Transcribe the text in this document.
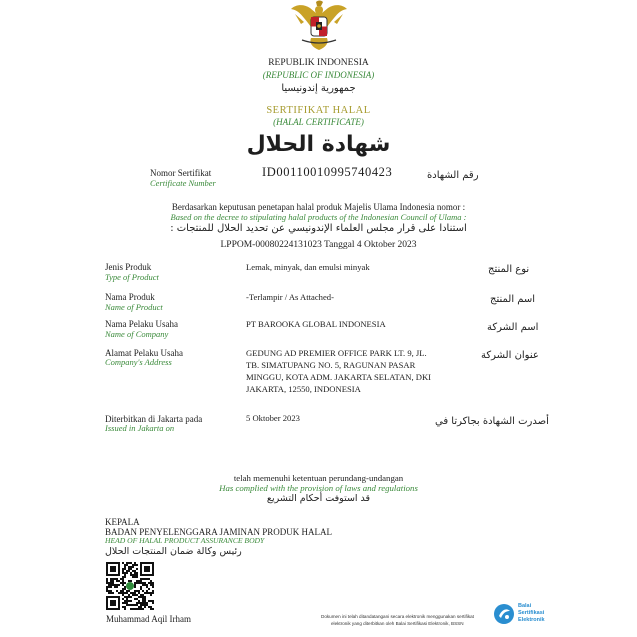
REPUBLIK INDONESIA
(REPUBLIC OF INDONESIA)
جمهورية إندونيسيا
SERTIFIKAT HALAL
(HALAL CERTIFICATE)
شهادة الحلال
Nomor Sertifikat
Certificate Number
ID00110010995740423	رقم الشهادة
Berdasarkan keputusan penetapan halal produk Majelis Ulama Indonesia nomor :
Based on the decree to stipulating halal products of the Indonesian Council of Ulama :
استنادا على قرار مجلس العلماء الإندونيسي عن تحديد الحلال للمنتجات :
LPPOM-00080224131023 Tanggal 4 Oktober 2023
Jenis Produk
Type of Product
Lemak, minyak, dan emulsi minyak	نوع المنتج
Nama Produk
Name of Product
-Terlampir / As Attached-	اسم المنتج
Nama Pelaku Usaha
Name of Company
PT BAROOKA GLOBAL INDONESIA	اسم الشركة
Alamat Pelaku Usaha
Company's Address
GEDUNG AD PREMIER OFFICE PARK LT. 9, JL.
TB. SIMATUPANG NO. 5, RAGUNAN PASAR
MINGGU, KOTA ADM. JAKARTA SELATAN, DKI
JAKARTA, 12550, INDONESIA
عنوان الشركة
Diterbitkan di Jakarta pada
Issued in Jakarta on
5 Oktober 2023	أصدرت الشهادة بجاكرتا في
telah memenuhi ketentuan perundang-undangan
Has complied with the provision of laws and regulations
قد استوفت أحكام التشريع
KEPALA
BADAN PENYELENGGARA JAMINAN PRODUK HALAL
HEAD OF HALAL PRODUCT ASSURANCE BODY
رئيس وكالة ضمان المنتجات الحلال
Muhammad Aqil Irham	Dokumen ini telah ditandatangani secara elektronik menggunakan sertifikat
elektronik yang diterbitkan oleh Balai Sertifikasi Elektronik, BSSN
Balai
Sertifikasi
Elektronik
